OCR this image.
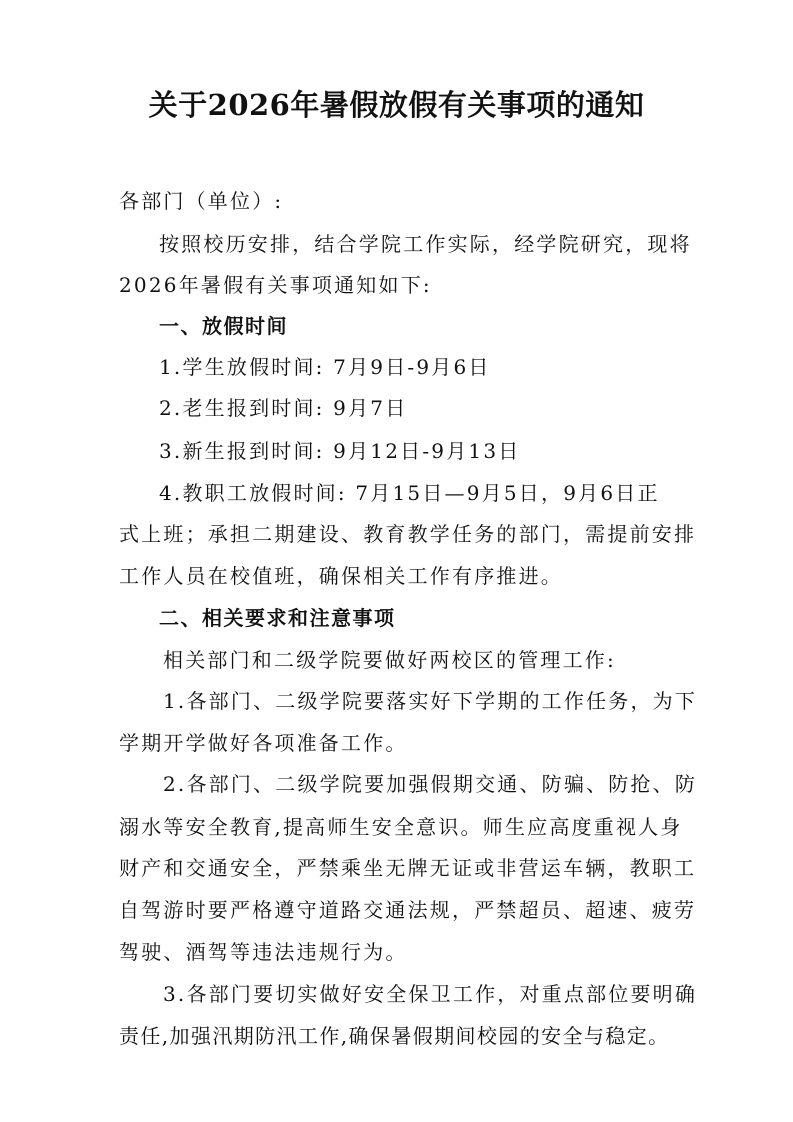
关于2026年暑假放假有关事项的通知
各部门（单位）:
按照校历安排，结合学院工作实际，经学院研究，现将
2026年暑假有关事项通知如下:
一、放假时间
1.学生放假时间: 7月9日-9月6日
2.老生报到时间: 9月7日
3.新生报到时间: 9月12日-9月13日
4.教职工放假时间: 7月15日—9月5日，9月6日正
式上班；承担二期建设、教育教学任务的部门，需提前安排
工作人员在校值班，确保相关工作有序推进。
二、相关要求和注意事项
相关部门和二级学院要做好两校区的管理工作:
1.各部门、二级学院要落实好下学期的工作任务，为下
学期开学做好各项准备工作。
2.各部门、二级学院要加强假期交通、防骗、防抢、防
溺水等安全教育,提高师生安全意识。师生应高度重视人身
财产和交通安全，严禁乘坐无牌无证或非营运车辆，教职工
自驾游时要严格遵守道路交通法规，严禁超员、超速、疲劳
驾驶、酒驾等违法违规行为。
3.各部门要切实做好安全保卫工作，对重点部位要明确
责任,加强汛期防汛工作,确保暑假期间校园的安全与稳定。
